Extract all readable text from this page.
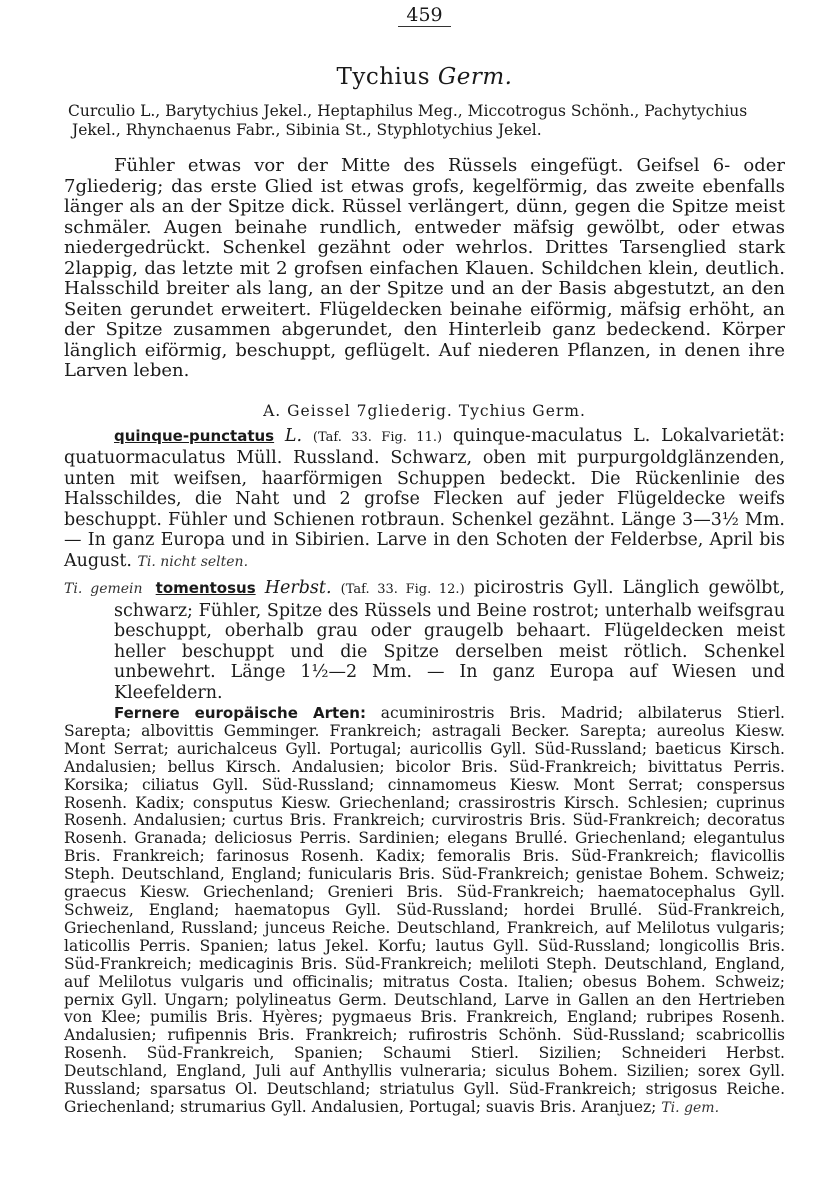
459
Tychius Germ.
Curculio L., Barytychius Jekel., Heptaphilus Meg., Miccotrogus Schönh., Pachytychius Jekel., Rhynchaenus Fabr., Sibinia St., Styphlotychius Jekel.
Fühler etwas vor der Mitte des Rüssels eingefügt. Geifsel 6- oder 7gliederig; das erste Glied ist etwas grofs, kegelförmig, das zweite ebenfalls länger als an der Spitze dick. Rüssel verlängert, dünn, gegen die Spitze meist schmäler. Augen beinahe rundlich, entweder mäfsig gewölbt, oder etwas niedergedrückt. Schenkel gezähnt oder wehrlos. Drittes Tarsenglied stark 2lappig, das letzte mit 2 grofsen einfachen Klauen. Schildchen klein, deutlich. Halsschild breiter als lang, an der Spitze und an der Basis abgestutzt, an den Seiten gerundet erweitert. Flügeldecken beinahe eiförmig, mäfsig erhöht, an der Spitze zusammen abgerundet, den Hinterleib ganz bedeckend. Körper länglich eiförmig, beschuppt, geflügelt. Auf niederen Pflanzen, in denen ihre Larven leben.
A. Geissel 7gliederig. Tychius Germ.
quinque-punctatus L. (Taf. 33. Fig. 11.) quinque-maculatus L. Lokalvarietät: quatuormaculatus Müll. Russland. Schwarz, oben mit purpurgoldglänzenden, unten mit weifsen, haarförmigen Schuppen bedeckt. Die Rückenlinie des Halsschildes, die Naht und 2 grofse Flecken auf jeder Flügeldecke weifs beschuppt. Fühler und Schienen rotbraun. Schenkel gezähnt. Länge 3—3½ Mm. — In ganz Europa und in Sibirien. Larve in den Schoten der Felderbse, April bis August. Ti. nicht selten.
Ti. gemein tomentosus Herbst. (Taf. 33. Fig. 12.) picirostris Gyll. Länglich gewölbt, schwarz; Fühler, Spitze des Rüssels und Beine rostrot; unterhalb weifsgrau beschuppt, oberhalb grau oder graugelb behaart. Flügeldecken meist heller beschuppt und die Spitze derselben meist rötlich. Schenkel unbewehrt. Länge 1½—2 Mm. — In ganz Europa auf Wiesen und Kleefeldern.
Fernere europäische Arten: acuminirostris Bris. Madrid; albilaterus Stierl. Sarepta; albovittis Gemminger. Frankreich; astragali Becker. Sarepta; aureolus Kiesw. Mont Serrat; aurichalceus Gyll. Portugal; auricollis Gyll. Süd-Russland; baeticus Kirsch. Andalusien; bellus Kirsch. Andalusien; bicolor Bris. Süd-Frankreich; bivittatus Perris. Korsika; ciliatus Gyll. Süd-Russland; cinnamomeus Kiesw. Mont Serrat; conspersus Rosenh. Kadix; consputus Kiesw. Griechenland; crassirostris Kirsch. Schlesien; cuprinus Rosenh. Andalusien; curtus Bris. Frankreich; curvirostris Bris. Süd-Frankreich; decoratus Rosenh. Granada; deliciosus Perris. Sardinien; elegans Brullé. Griechenland; elegantulus Bris. Frankreich; farinosus Rosenh. Kadix; femoralis Bris. Süd-Frankreich; flavicollis Steph. Deutschland, England; funicularis Bris. Süd-Frankreich; genistae Bohem. Schweiz; graecus Kiesw. Griechenland; Grenieri Bris. Süd-Frankreich; haematocephalus Gyll. Schweiz, England; haematopus Gyll. Süd-Russland; hordei Brullé. Süd-Frankreich, Griechenland, Russland; junceus Reiche. Deutschland, Frankreich, auf Melilotus vulgaris; laticollis Perris. Spanien; latus Jekel. Korfu; lautus Gyll. Süd-Russland; longicollis Bris. Süd-Frankreich; medicaginis Bris. Süd-Frankreich; meliloti Steph. Deutschland, England, auf Melilotus vulgaris und officinalis; mitratus Costa. Italien; obesus Bohem. Schweiz; pernix Gyll. Ungarn; polylineatus Germ. Deutschland, Larve in Gallen an den Hertrieben von Klee; pumilis Bris. Hyères; pygmaeus Bris. Frankreich, England; rubripes Rosenh. Andalusien; rufipennis Bris. Frankreich; rufirostris Schönh. Süd-Russland; scabricollis Rosenh. Süd-Frankreich, Spanien; Schaumi Stierl. Sizilien; Schneideri Herbst. Deutschland, England, Juli auf Anthyllis vulneraria; siculus Bohem. Sizilien; sorex Gyll. Russland; sparsatus Ol. Deutschland; striatulus Gyll. Süd-Frankreich; strigosus Reiche. Griechenland; strumarius Gyll. Andalusien, Portugal; suavis Bris. Aranjuez; Ti. gem.
